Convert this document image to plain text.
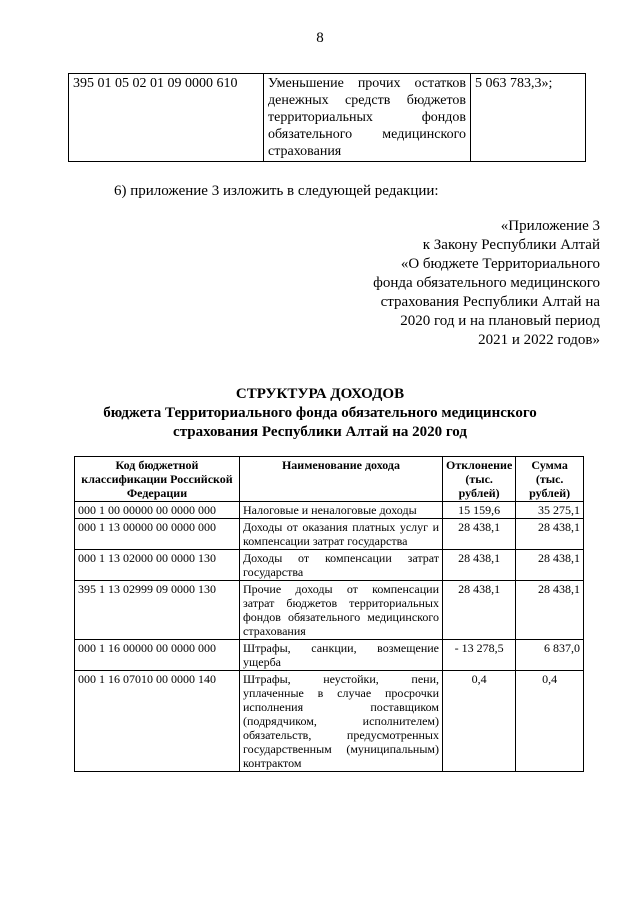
8
395 01 05 02 01 09 0000 610	Уменьшение прочих остатков денежных средств бюджетов территориальных фондов обязательного медицинского страхования	5 063 783,3»;
6) приложение 3 изложить в следующей редакции:
«Приложение 3
к Закону Республики Алтай
«О бюджете Территориального
фонда обязательного медицинского
страхования Республики Алтай на
2020 год и на плановый период
2021 и 2022 годов»
СТРУКТУРА ДОХОДОВ
бюджета Территориального фонда обязательного медицинского
страхования Республики Алтай на 2020 год
Код бюджетной классификации Российской Федерации	Наименование дохода	Отклонение (тыс. рублей)	Сумма (тыс. рублей)
000 1 00 00000 00 0000 000	Налоговые и неналоговые доходы	15 159,6	35 275,1
000 1 13 00000 00 0000 000	Доходы от оказания платных услуг и компенсации затрат государства	28 438,1	28 438,1
000 1 13 02000 00 0000 130	Доходы от компенсации затрат государства	28 438,1	28 438,1
395 1 13 02999 09 0000 130	Прочие доходы от компенсации затрат бюджетов территориальных фондов обязательного медицинского страхования	28 438,1	28 438,1
000 1 16 00000 00 0000 000	Штрафы, санкции, возмещение ущерба	- 13 278,5	6 837,0
000 1 16 07010 00 0000 140	Штрафы, неустойки, пени, уплаченные в случае просрочки исполнения поставщиком (подрядчиком, исполнителем) обязательств, предусмотренных государственным (муниципальным) контрактом	0,4	0,4
